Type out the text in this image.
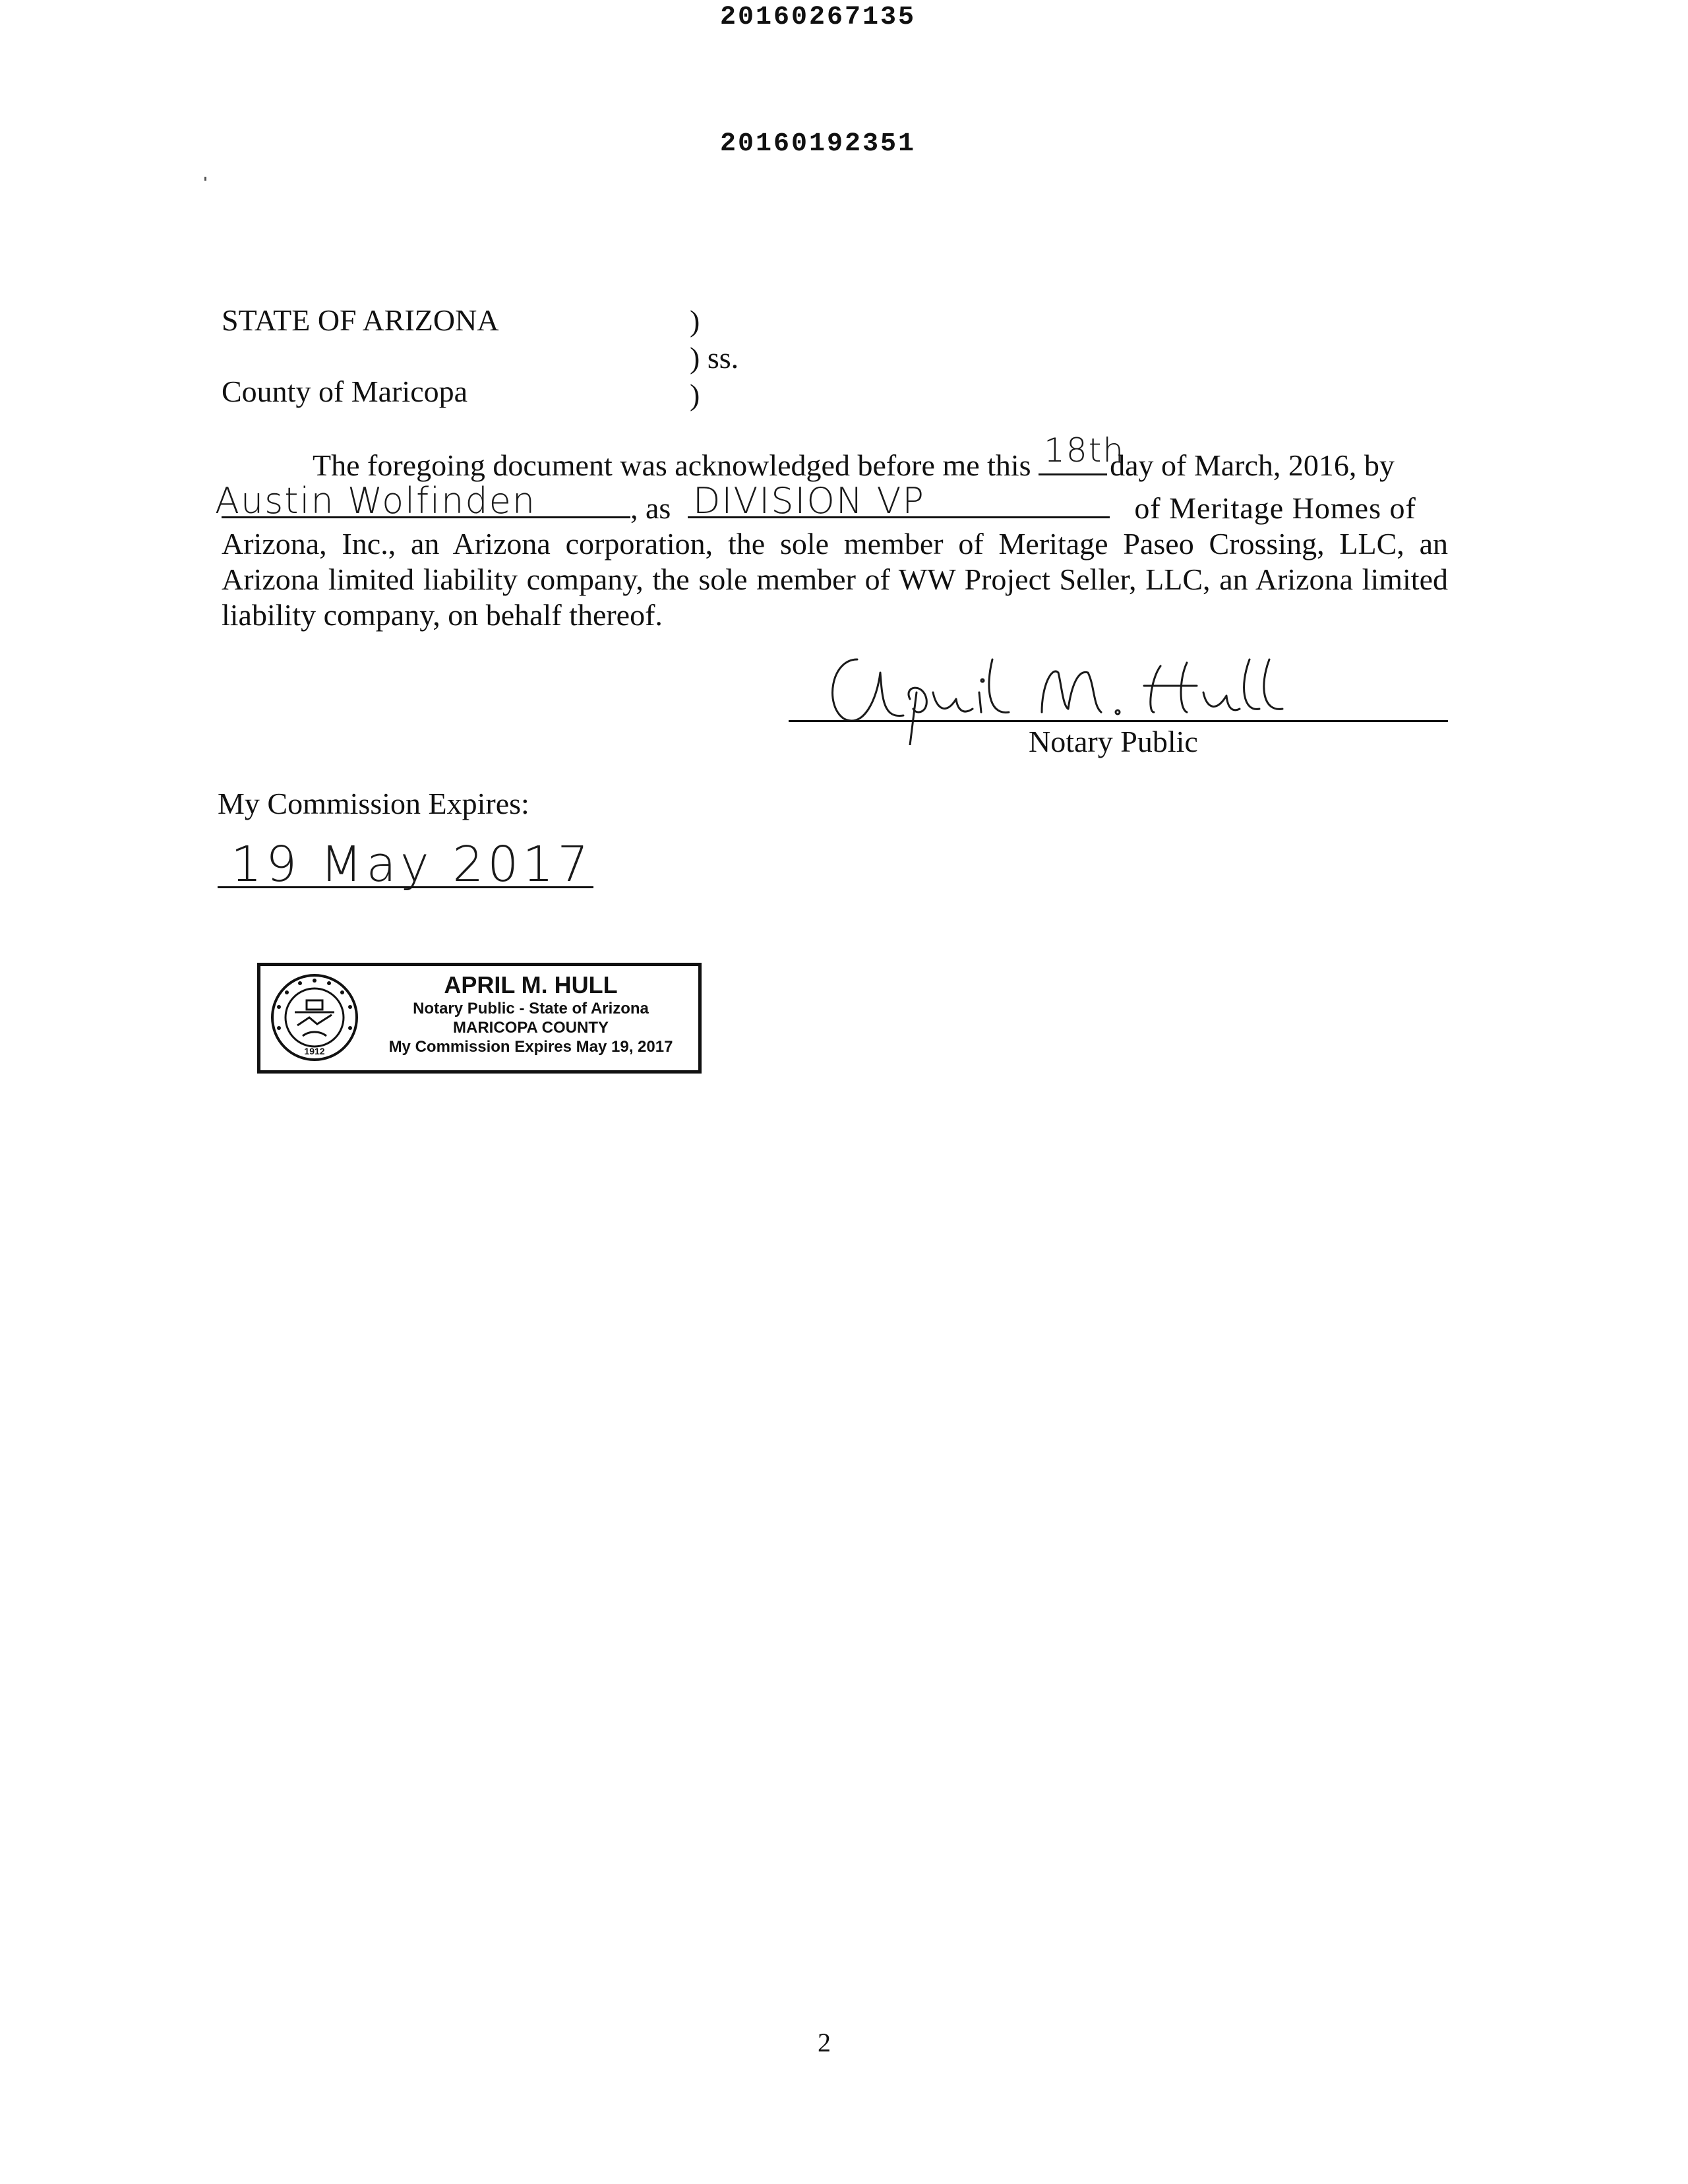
20160267135
20160192351
STATE OF ARIZONA
County of Maricopa
)
) ss.
)
The foregoing document was acknowledged before me this 18th
day of March, 2016, by
Austin Wolfinden	, as DIVISION VP	of Meritage Homes of
Arizona, Inc., an Arizona corporation, the sole member of Meritage Paseo Crossing, LLC, an
Arizona limited liability company, the sole member of WW Project Seller, LLC, an Arizona limited
liability company, on behalf thereof.
Notary Public
My Commission Expires:
19 May 2017
1912
APRIL M. HULL
Notary Public - State of Arizona
MARICOPA COUNTY
My Commission Expires May 19, 2017
2
